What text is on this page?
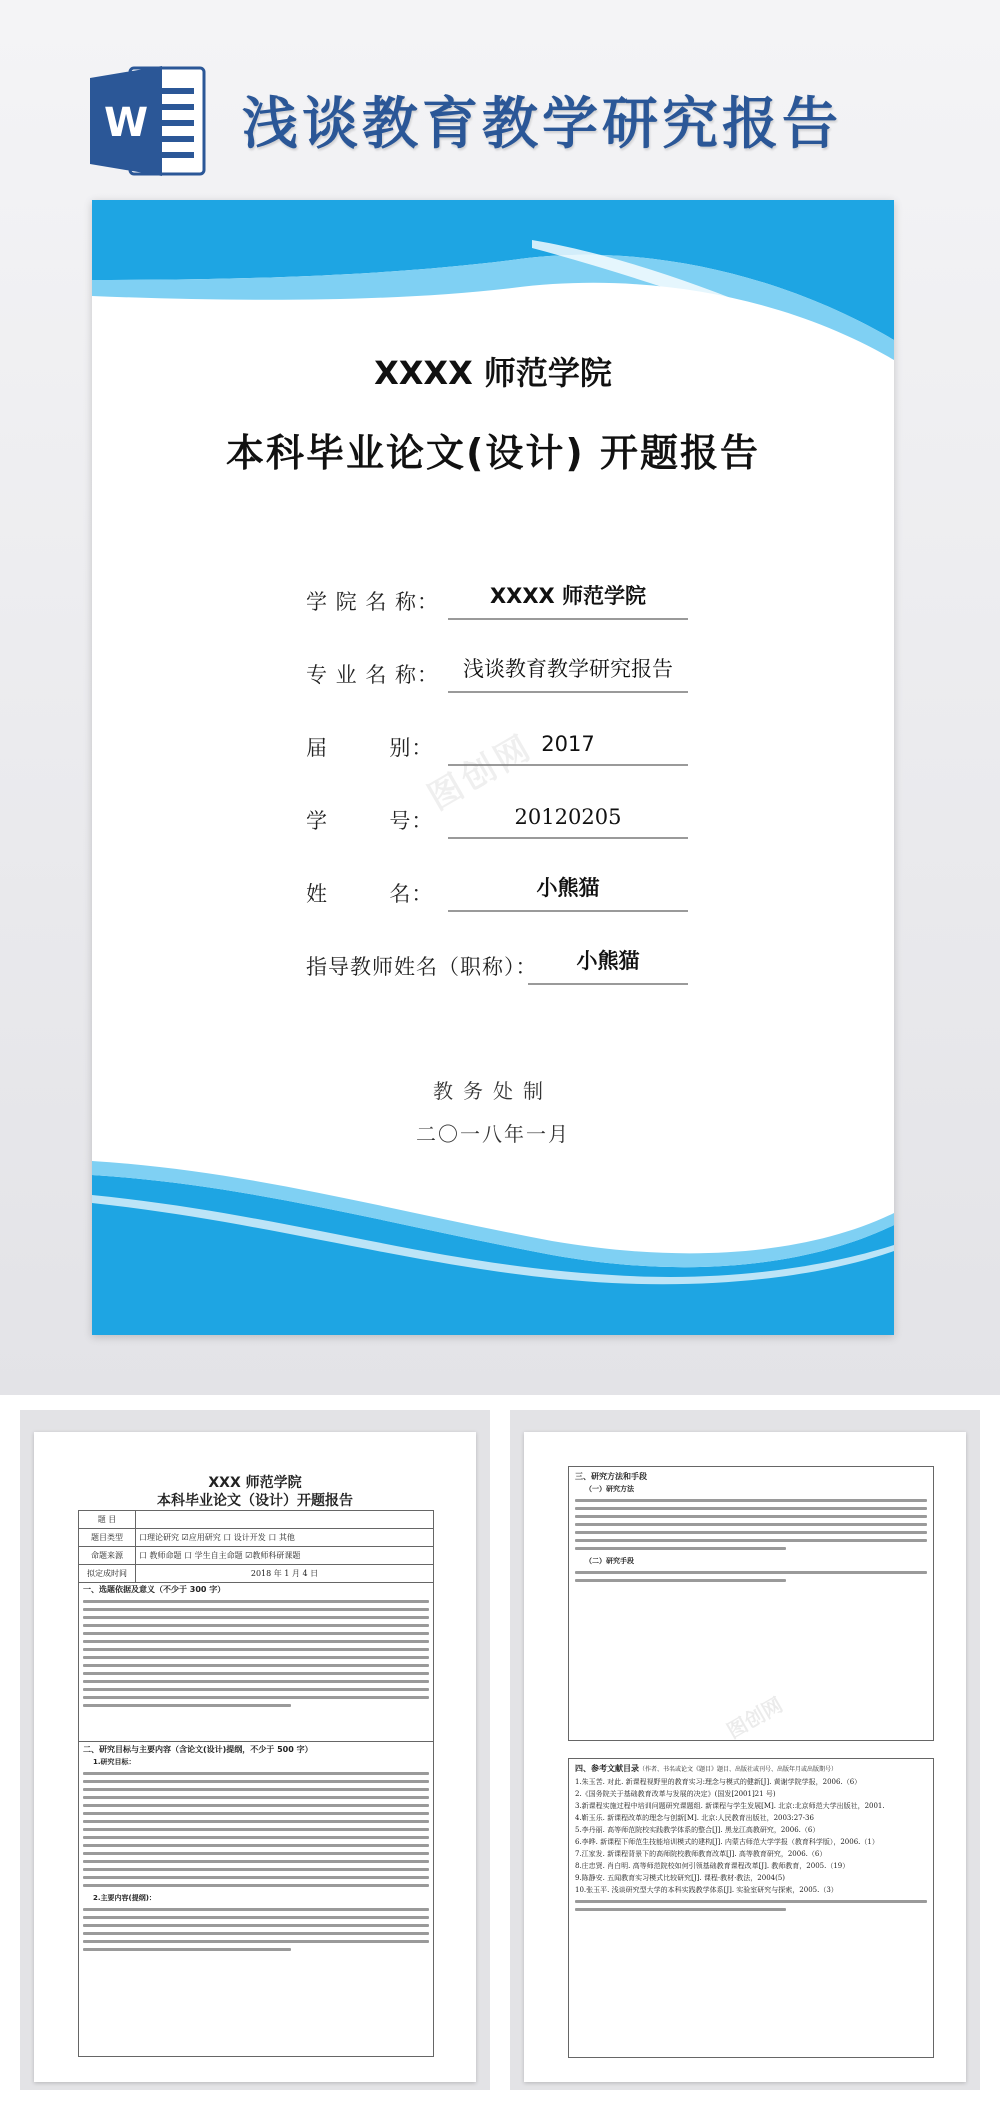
W 浅谈教育教学研究报告
XXXX 师范学院
本科毕业论文(设计) 开题报告
学 院 名 称：	XXXX 师范学院
专 业 名 称：	浅谈教育教学研究报告
届        别：	2017
学        号：	20120205
姓        名：	小熊猫
指导教师姓名（职称）：	小熊猫
图创网
教务处制
二〇一八年一月
XXX 师范学院
本科毕业论文（设计）开题报告
题 目	
题目类型	口理论研究 ☑应用研究 口 设计开发 口 其他
命题来源	口 教师命题 口 学生自主命题 ☑教师科研课题
拟定成时间	2018 年 1 月 4 日
一、选题依据及意义（不少于 300 字）
二、研究目标与主要内容（含论文(设计)提纲，不少于 500 字）
1.研究目标：
2.主要内容(提纲)：
三、研究方法和手段
（一）研究方法
（二）研究手段
图创网
四、参考文献目录（作者、书名或论文《题目》题目、出版社或刊号、出版年月或出版期号）
1.朱玉苦. 对此. 新课程视野里的教育实习:理念与模式的健新[J]. 黄谢学院学报，2006.（6）
2.《国务院关于基础教育改革与发展的决定》(国发[2001]21 号)
3.新课程实施过程中培训问题研究课题组. 新课程与学生发展[M]. 北京:北京师范大学出版社，2001.
4.靳玉乐. 新课程改革的理念与创新[M]. 北京:人民教育出版社，2003:27-36
5.李丹丽. 高等师范院校实践教学体系的整合[J]. 黑龙江高教研究，2006.（6）
6.李晔. 新课程下师范生技能培训模式的建构[J]. 内蒙古师范大学学报（教育科学版），2006.（1）
7.江家发. 新课程背景下的高师院校教师教育改革[J]. 高等教育研究，2006.（6）
8.庄忠贤. 肖白明. 高等师范院校如何引领基础教育课程改革[J]. 教师教育，2005.（19）
9.陈静安. 五闻教育实习模式比较研究[J]. 课程·教材·教法，2004(5)
10.张玉平. 浅谈研究型大学的本科实践教学体系[J]. 实验室研究与探索，2005.（3）
